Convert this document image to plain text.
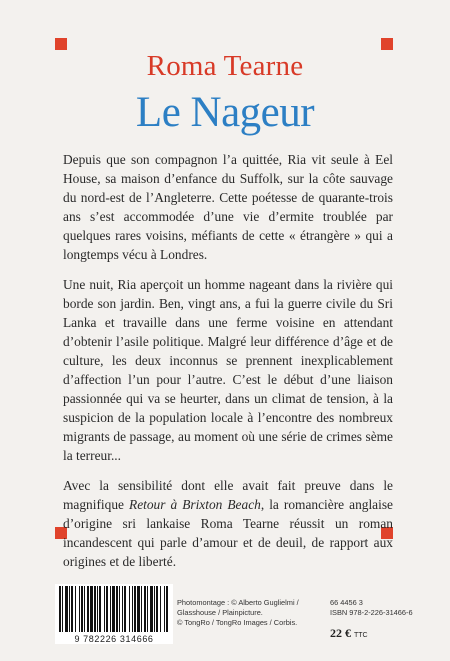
Roma Tearne
Le Nageur

Depuis que son compagnon l’a quittée, Ria vit seule à Eel House, sa maison d’enfance du Suffolk, sur la côte sauvage du nord-est de l’Angleterre. Cette poétesse de quarante-trois ans s’est accommodée d’une vie d’ermite troublée par quelques rares voisins, méfiants de cette « étrangère » qui a longtemps vécu à Londres.

Une nuit, Ria aperçoit un homme nageant dans la rivière qui borde son jardin. Ben, vingt ans, a fui la guerre civile du Sri Lanka et travaille dans une ferme voisine en attendant d’obtenir l’asile politique. Malgré leur différence d’âge et de culture, les deux inconnus se prennent inexplicablement d’affection l’un pour l’autre. C’est le début d’une liaison passionnée qui va se heurter, dans un climat de tension, à la suspicion de la population locale à l’encontre des nombreux migrants de passage, au moment où une série de crimes sème la terreur...

Avec la sensibilité dont elle avait fait preuve dans le magnifique Retour à Brixton Beach, la romancière anglaise d’origine sri lankaise Roma Tearne réussit un roman incandescent qui parle d’amour et de deuil, de rapport aux origines et de liberté.

9 782226 314666
Photomontage : © Alberto Guglielmi /
Glasshouse / Plainpicture.
© TongRo / TongRo Images / Corbis.
66 4456 3
ISBN 978-2-226-31466-6
22 € TTC
